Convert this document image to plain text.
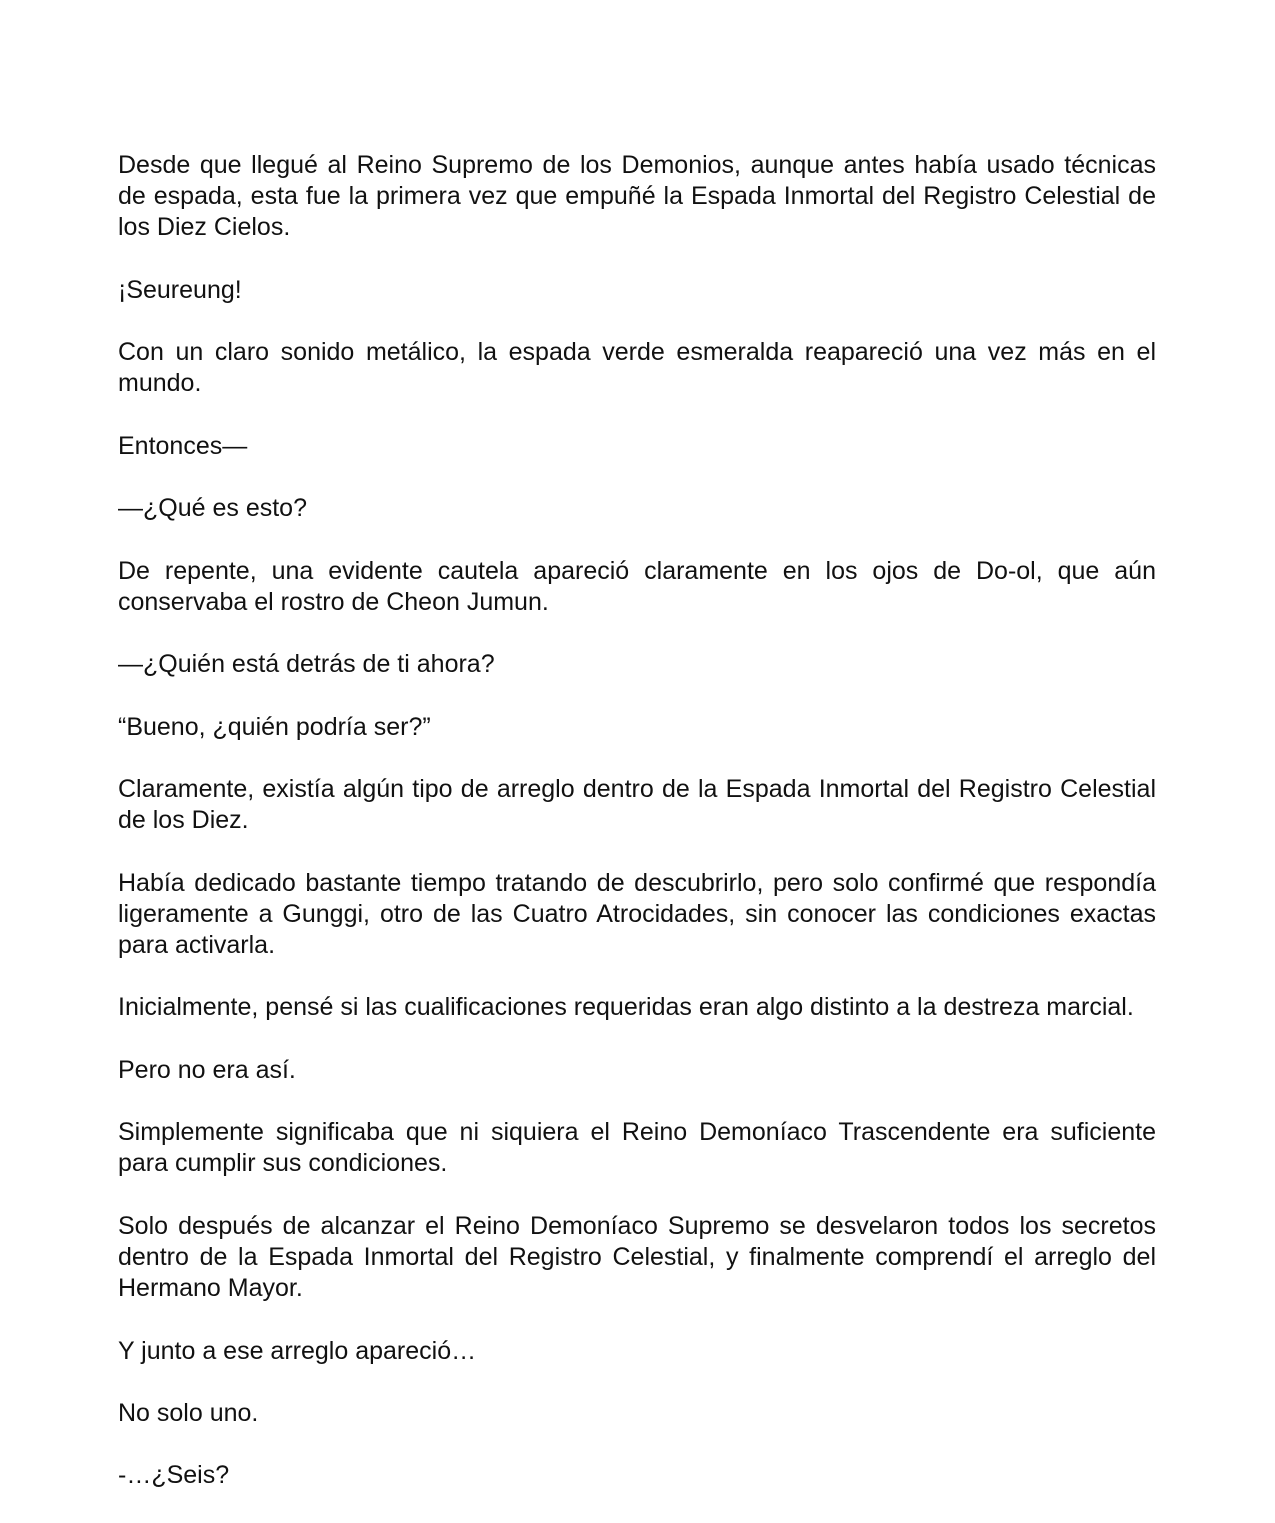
Desde que llegué al Reino Supremo de los Demonios, aunque antes había usado técnicas de espada, esta fue la primera vez que empuñé la Espada Inmortal del Registro Celestial de los Diez Cielos.

¡Seureung!

Con un claro sonido metálico, la espada verde esmeralda reapareció una vez más en el mundo.

Entonces—

—¿Qué es esto?

De repente, una evidente cautela apareció claramente en los ojos de Do-ol, que aún conservaba el rostro de Cheon Jumun.

—¿Quién está detrás de ti ahora?

“Bueno, ¿quién podría ser?”

Claramente, existía algún tipo de arreglo dentro de la Espada Inmortal del Registro Celestial de los Diez.

Había dedicado bastante tiempo tratando de descubrirlo, pero solo confirmé que respondía ligeramente a Gunggi, otro de las Cuatro Atrocidades, sin conocer las condiciones exactas para activarla.

Inicialmente, pensé si las cualificaciones requeridas eran algo distinto a la destreza marcial.

Pero no era así.

Simplemente significaba que ni siquiera el Reino Demoníaco Trascendente era suficiente para cumplir sus condiciones.

Solo después de alcanzar el Reino Demoníaco Supremo se desvelaron todos los secretos dentro de la Espada Inmortal del Registro Celestial, y finalmente comprendí el arreglo del Hermano Mayor.

Y junto a ese arreglo apareció…

No solo uno.

-…¿Seis?
